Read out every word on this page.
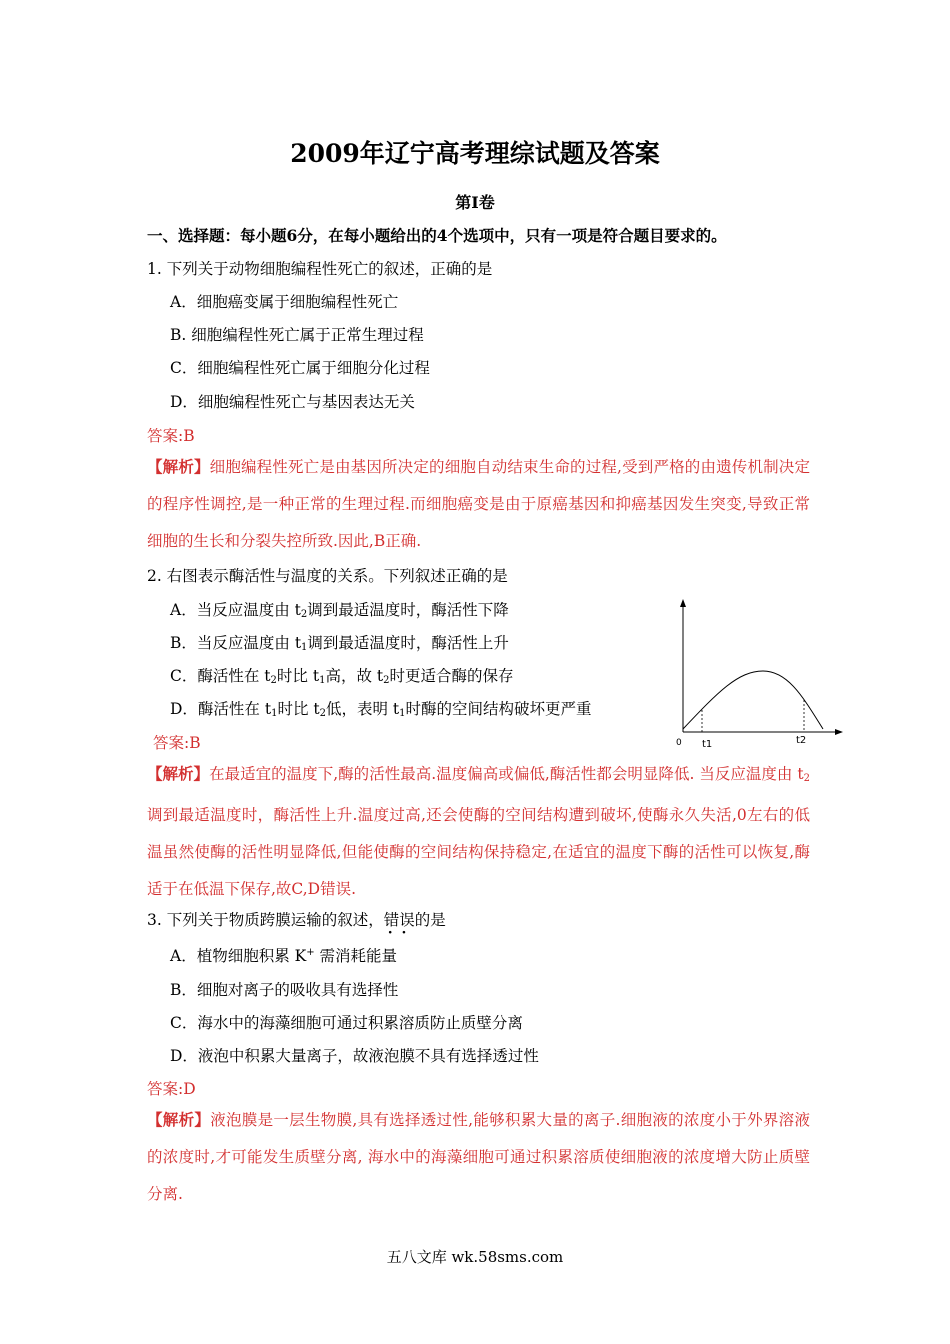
2009年辽宁高考理综试题及答案
第Ⅰ卷
一、选择题：每小题6分，在每小题给出的4个选项中，只有一项是符合题目要求的。
1. 下列关于动物细胞编程性死亡的叙述，正确的是
A．细胞癌变属于细胞编程性死亡
B. 细胞编程性死亡属于正常生理过程
C．细胞编程性死亡属于细胞分化过程
D．细胞编程性死亡与基因表达无关
答案:B
【解析】细胞编程性死亡是由基因所决定的细胞自动结束生命的过程,受到严格的由遗传机制决定的程序性调控,是一种正常的生理过程.而细胞癌变是由于原癌基因和抑癌基因发生突变,导致正常细胞的生长和分裂失控所致.因此,B正确.
2. 右图表示酶活性与温度的关系。下列叙述正确的是
A．当反应温度由 $t_2$调到最适温度时，酶活性下降
B．当反应温度由 $t_1$调到最适温度时，酶活性上升
C．酶活性在 $t_2$时比 $t_1$高，故 $t_2$时更适合酶的保存
D．酶活性在 $t_1$时比 $t_2$低，表明 $t_1$时酶的空间结构破坏更严重
0 t1	t2
答案:B
【解析】在最适宜的温度下,酶的活性最高.温度偏高或偏低,酶活性都会明显降低. 当反应温度由 $t_2$调到最适温度时，酶活性上升.温度过高,还会使酶的空间结构遭到破坏,使酶永久失活,0左右的低温虽然使酶的活性明显降低,但能使酶的空间结构保持稳定,在适宜的温度下酶的活性可以恢复,酶适于在低温下保存,故C,D错误.
3. 下列关于物质跨膜运输的叙述，错误 · ·的是
A．植物细胞积累 K+ 需消耗能量
B．细胞对离子的吸收具有选择性
C．海水中的海藻细胞可通过积累溶质防止质壁分离
D．液泡中积累大量离子，故液泡膜不具有选择透过性
答案:D
【解析】液泡膜是一层生物膜,具有选择透过性,能够积累大量的离子.细胞液的浓度小于外界溶液的浓度时,才可能发生质壁分离, 海水中的海藻细胞可通过积累溶质使细胞液的浓度增大防止质壁分离.
五八文库 wk.58sms.com
